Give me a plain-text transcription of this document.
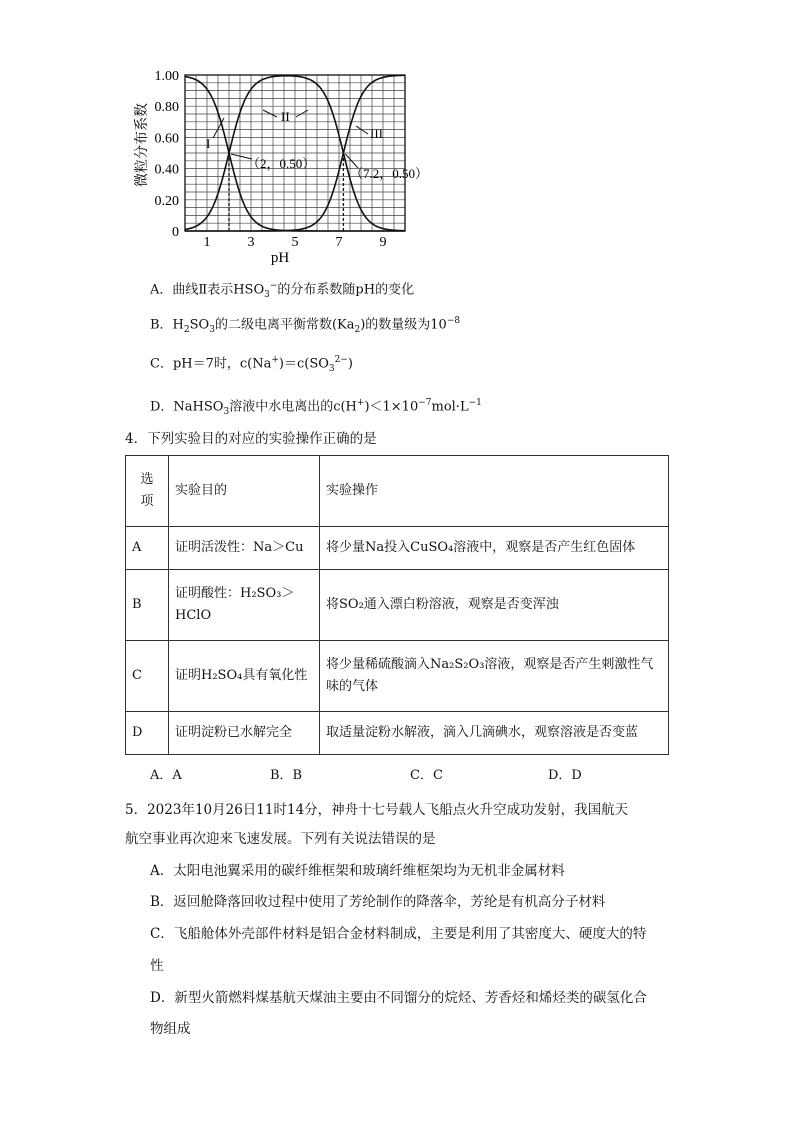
微粒分布系数
pH
1.00
0.80
0.60
0.40
0.20
0
1	3	5	7	9
I
II
III
（2，0.50）
（7.2，0.50）
A．曲线Ⅱ表示$HSO_3^-$的分布系数随pH的变化
B．$H_2SO_3$的二级电离平衡常数$(Ka_2)$的数量级为$10^{-8}$
C．pH＝7时，$c(Na^+)=c(SO_3^{2-})$
D．NaHSO$_3$溶液中水电离出的$c(H^+)<1\times 10^{-7}mol\cdot L^{-1}$
4．下列实验目的对应的实验操作正确的是
选
项	实验目的	实验操作
A	证明活泼性：Na＞Cu	将少量Na投入CuSO₄溶液中，观察是否产生红色固体
B	证明酸性：H₂SO₃＞HClO	将SO₂通入漂白粉溶液，观察是否变浑浊
C	证明H₂SO₄具有氧化性	将少量稀硫酸滴入Na₂S₂O₃溶液，观察是否产生刺激性气味的气体
D	证明淀粉已水解完全	取适量淀粉水解液，滴入几滴碘水，观察溶液是否变蓝
A．A	B．B	C．C	D．D
5．2023年10月26日11时14分，神舟十七号载人飞船点火升空成功发射，我国航天
航空事业再次迎来飞速发展。下列有关说法错误的是
A．太阳电池翼采用的碳纤维框架和玻璃纤维框架均为无机非金属材料
B．返回舱降落回收过程中使用了芳纶制作的降落伞，芳纶是有机高分子材料
C．飞船舱体外壳部件材料是铝合金材料制成，主要是利用了其密度大、硬度大的特
性
D．新型火箭燃料煤基航天煤油主要由不同馏分的烷烃、芳香烃和烯烃类的碳氢化合
物组成
